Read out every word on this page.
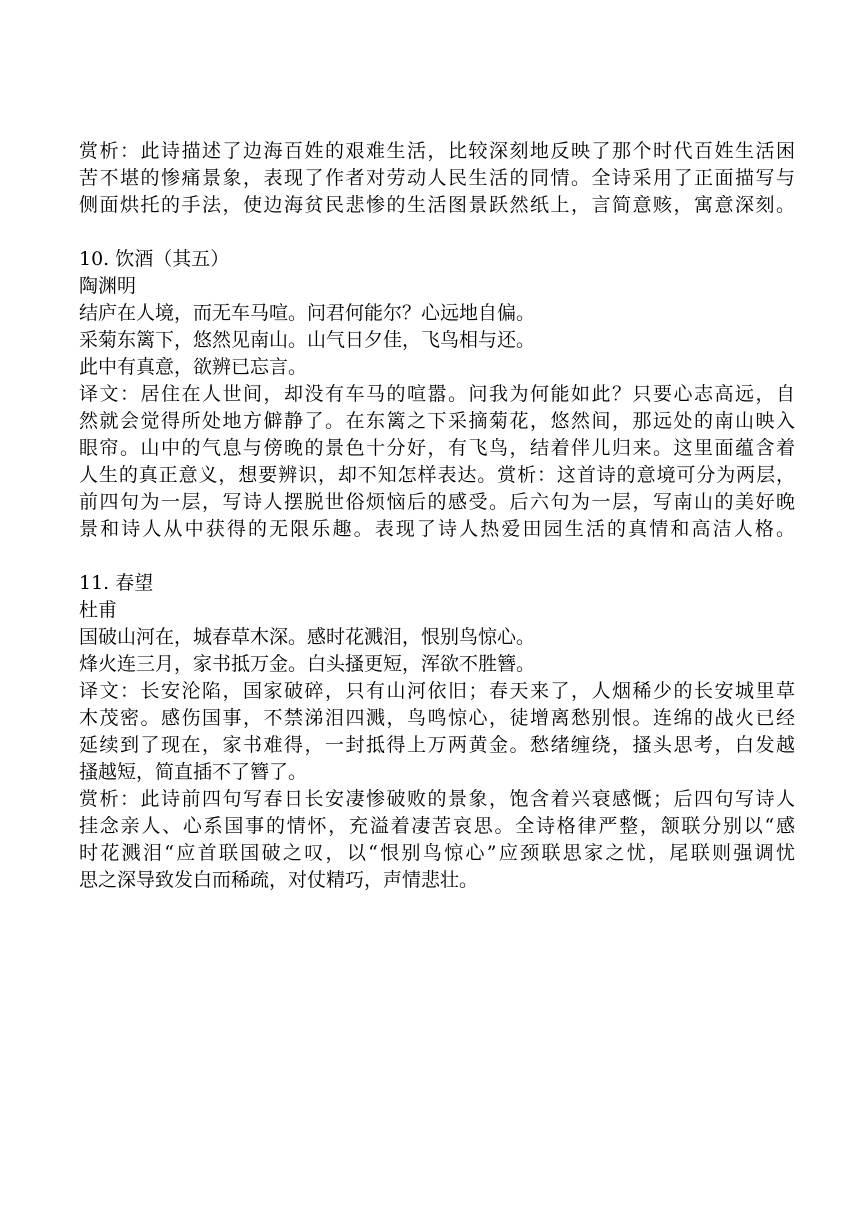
赏析：此诗描述了边海百姓的艰难生活，比较深刻地反映了那个时代百姓生活困
苦不堪的惨痛景象，表现了作者对劳动人民生活的同情。全诗采用了正面描写与
侧面烘托的手法，使边海贫民悲惨的生活图景跃然纸上，言简意赅，寓意深刻。
10. 饮酒（其五）
陶渊明
结庐在人境，而无车马喧。问君何能尔？心远地自偏。
采菊东篱下，悠然见南山。山气日夕佳，飞鸟相与还。
此中有真意，欲辨已忘言。
译文：居住在人世间，却没有车马的喧嚣。问我为何能如此？只要心志高远，自
然就会觉得所处地方僻静了。在东篱之下采摘菊花，悠然间，那远处的南山映入
眼帘。山中的气息与傍晚的景色十分好，有飞鸟，结着伴儿归来。这里面蕴含着
人生的真正意义，想要辨识，却不知怎样表达。赏析：这首诗的意境可分为两层，
前四句为一层，写诗人摆脱世俗烦恼后的感受。后六句为一层，写南山的美好晚
景和诗人从中获得的无限乐趣。表现了诗人热爱田园生活的真情和高洁人格。
11. 春望
杜甫
国破山河在，城春草木深。感时花溅泪，恨别鸟惊心。
烽火连三月，家书抵万金。白头搔更短，浑欲不胜簪。
译文：长安沦陷，国家破碎，只有山河依旧；春天来了，人烟稀少的长安城里草
木茂密。感伤国事，不禁涕泪四溅，鸟鸣惊心，徒增离愁别恨。连绵的战火已经
延续到了现在，家书难得，一封抵得上万两黄金。愁绪缠绕，搔头思考，白发越
搔越短，简直插不了簪了。
赏析：此诗前四句写春日长安凄惨破败的景象，饱含着兴衰感慨；后四句写诗人
挂念亲人、心系国事的情怀，充溢着凄苦哀思。全诗格律严整，颔联分别以“感
时花溅泪“应首联国破之叹，以“恨别鸟惊心”应颈联思家之忧，尾联则强调忧
思之深导致发白而稀疏，对仗精巧，声情悲壮。
